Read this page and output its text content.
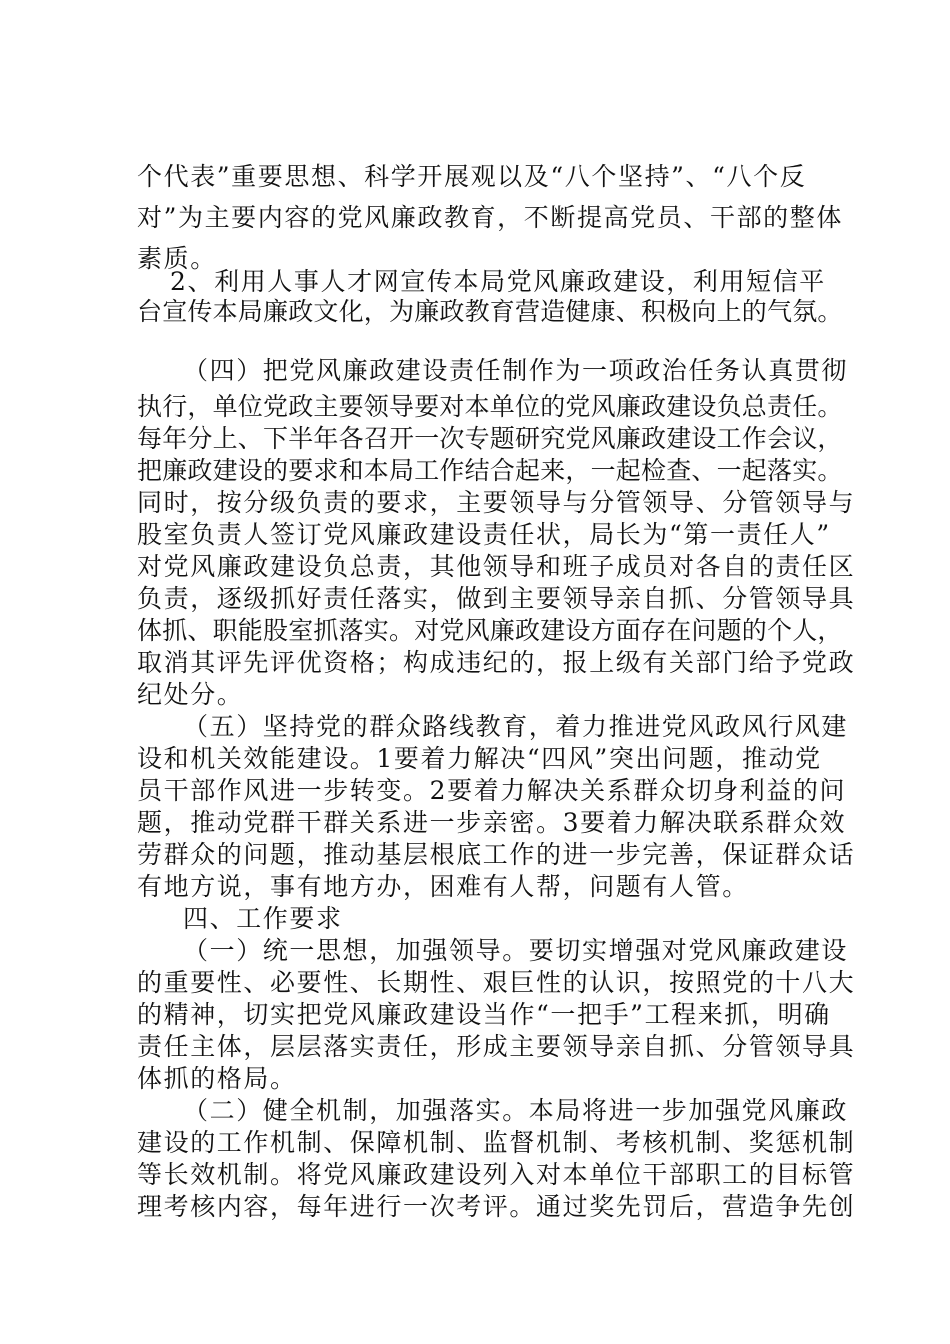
个代表”重要思想、科学开展观以及“八个坚持”、“八个反
对”为主要内容的党风廉政教育，不断提高党员、干部的整体
素质。
2、利用人事人才网宣传本局党风廉政建设，利用短信平
台宣传本局廉政文化，为廉政教育营造健康、积极向上的气氛。
（四）把党风廉政建设责任制作为一项政治任务认真贯彻
执行，单位党政主要领导要对本单位的党风廉政建设负总责任。
每年分上、下半年各召开一次专题研究党风廉政建设工作会议，
把廉政建设的要求和本局工作结合起来，一起检查、一起落实。
同时，按分级负责的要求，主要领导与分管领导、分管领导与
股室负责人签订党风廉政建设责任状，局长为“第一责任人”
对党风廉政建设负总责，其他领导和班子成员对各自的责任区
负责，逐级抓好责任落实，做到主要领导亲自抓、分管领导具
体抓、职能股室抓落实。对党风廉政建设方面存在问题的个人，
取消其评先评优资格；构成违纪的，报上级有关部门给予党政
纪处分。
（五）坚持党的群众路线教育，着力推进党风政风行风建
设和机关效能建设。1要着力解决“四风”突出问题，推动党
员干部作风进一步转变。2要着力解决关系群众切身利益的问
题，推动党群干群关系进一步亲密。3要着力解决联系群众效
劳群众的问题，推动基层根底工作的进一步完善，保证群众话
有地方说，事有地方办，困难有人帮，问题有人管。
四、工作要求
（一）统一思想，加强领导。要切实增强对党风廉政建设
的重要性、必要性、长期性、艰巨性的认识，按照党的十八大
的精神，切实把党风廉政建设当作“一把手”工程来抓，明确
责任主体，层层落实责任，形成主要领导亲自抓、分管领导具
体抓的格局。
（二）健全机制，加强落实。本局将进一步加强党风廉政
建设的工作机制、保障机制、监督机制、考核机制、奖惩机制
等长效机制。将党风廉政建设列入对本单位干部职工的目标管
理考核内容，每年进行一次考评。通过奖先罚后，营造争先创
